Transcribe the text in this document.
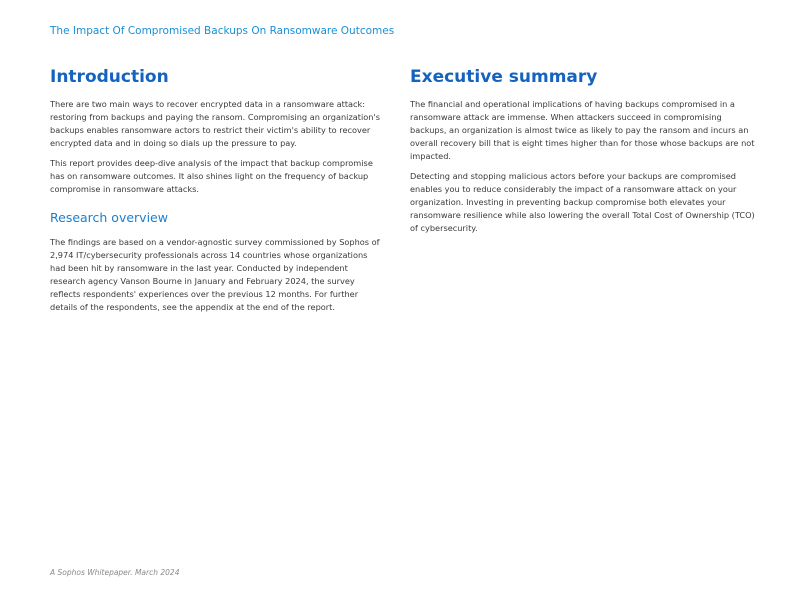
The Impact Of Compromised Backups On Ransomware Outcomes
Introduction

There are two main ways to recover encrypted data in a ransomware attack: restoring from backups and paying the ransom. Compromising an organization's backups enables ransomware actors to restrict their victim's ability to recover encrypted data and in doing so dials up the pressure to pay.

This report provides deep-dive analysis of the impact that backup compromise has on ransomware outcomes. It also shines light on the frequency of backup compromise in ransomware attacks.

Research overview

The findings are based on a vendor-agnostic survey commissioned by Sophos of 2,974 IT/cybersecurity professionals across 14 countries whose organizations had been hit by ransomware in the last year. Conducted by independent research agency Vanson Bourne in January and February 2024, the survey reflects respondents' experiences over the previous 12 months. For further details of the respondents, see the appendix at the end of the report.

Executive summary

The financial and operational implications of having backups compromised in a ransomware attack are immense. When attackers succeed in compromising backups, an organization is almost twice as likely to pay the ransom and incurs an overall recovery bill that is eight times higher than for those whose backups are not impacted.

Detecting and stopping malicious actors before your backups are compromised enables you to reduce considerably the impact of a ransomware attack on your organization. Investing in preventing backup compromise both elevates your ransomware resilience while also lowering the overall Total Cost of Ownership (TCO) of cybersecurity.

A Sophos Whitepaper. March 2024
